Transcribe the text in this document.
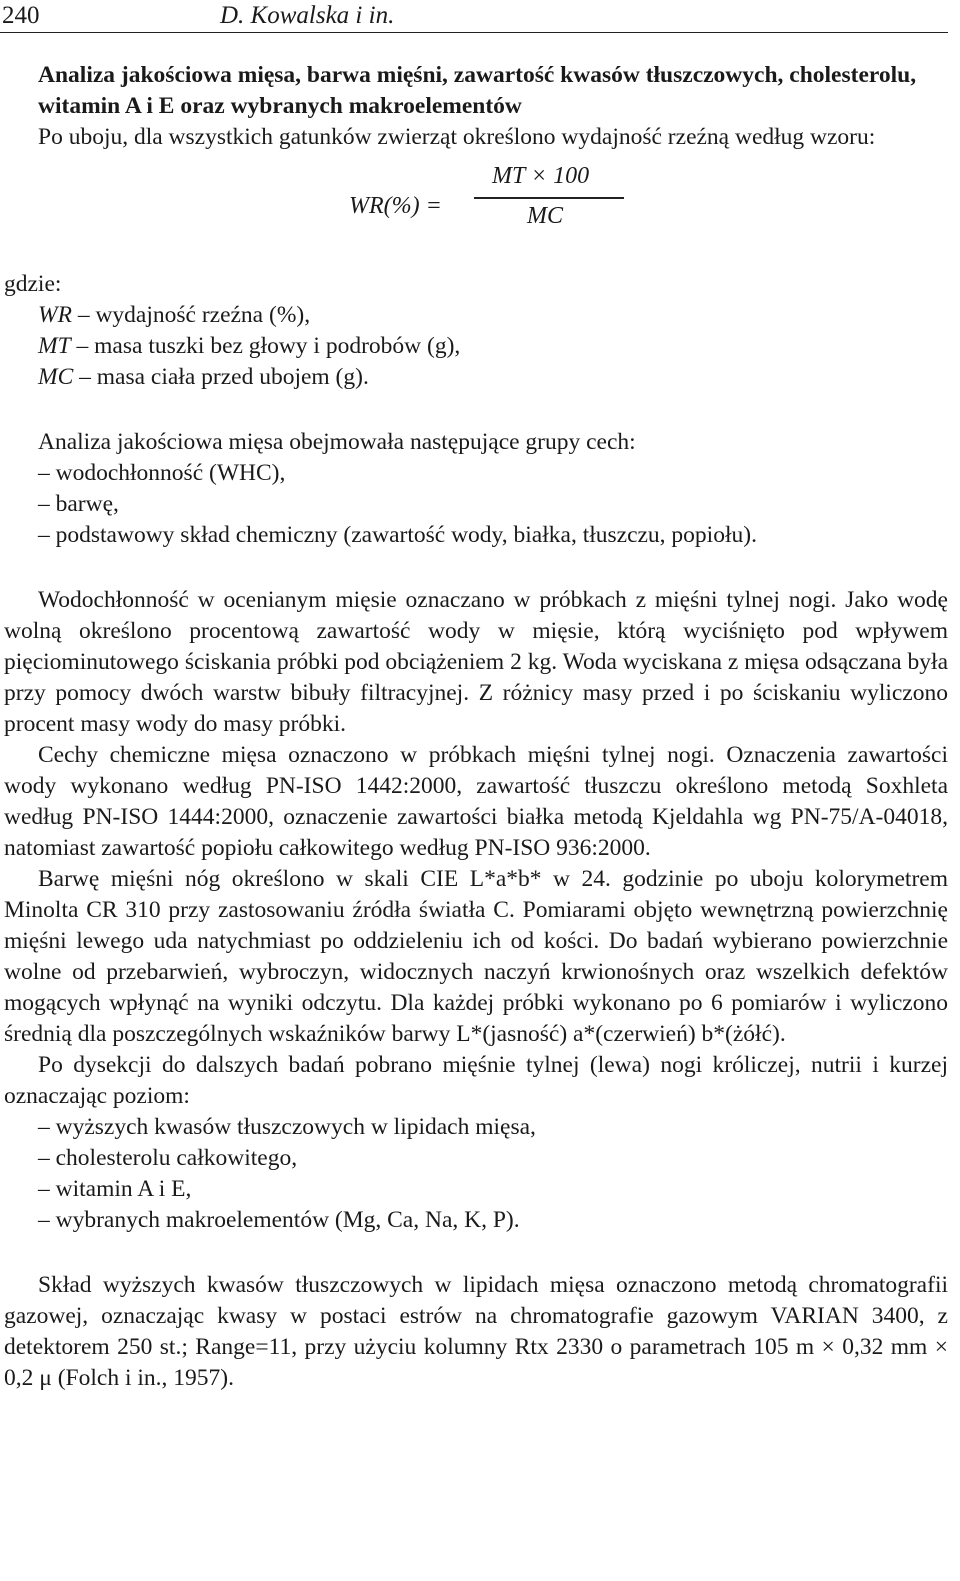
240	D. Kowalska i in.

Analiza jakościowa mięsa, barwa mięśni, zawartość kwasów tłuszczowych, cholesterolu, witamin A i E oraz wybranych makroelementów

Po uboju, dla wszystkich gatunków zwierząt określono wydajność rzeźną według wzoru:

WR(%) =
MT × 100
MC

gdzie:

WR – wydajność rzeźna (%),

MT – masa tuszki bez głowy i podrobów (g),

MC – masa ciała przed ubojem (g).

Analiza jakościowa mięsa obejmowała następujące grupy cech:

– wodochłonność (WHC),

– barwę,

– podstawowy skład chemiczny (zawartość wody, białka, tłuszczu, popiołu).

Wodochłonność w ocenianym mięsie oznaczano w próbkach z mięśni tylnej nogi. Jako wodę wolną określono procentową zawartość wody w mięsie, którą wyciśnięto pod wpływem pięciominutowego ściskania próbki pod obciążeniem 2 kg. Woda wyciskana z mięsa odsączana była przy pomocy dwóch warstw bibuły filtracyjnej. Z różnicy masy przed i po ściskaniu wyliczono procent masy wody do masy próbki.

Cechy chemiczne mięsa oznaczono w próbkach mięśni tylnej nogi. Oznaczenia zawartości wody wykonano według PN-ISO 1442:2000, zawartość tłuszczu określono metodą Soxhleta według PN-ISO 1444:2000, oznaczenie zawartości białka metodą Kjeldahla wg PN-75/A-04018, natomiast zawartość popiołu całkowitego według PN-ISO 936:2000.

Barwę mięśni nóg określono w skali CIE L*a*b* w 24. godzinie po uboju kolorymetrem Minolta CR 310 przy zastosowaniu źródła światła C. Pomiarami objęto wewnętrzną powierzchnię mięśni lewego uda natychmiast po oddzieleniu ich od kości. Do badań wybierano powierzchnie wolne od przebarwień, wybroczyn, widocznych naczyń krwionośnych oraz wszelkich defektów mogących wpłynąć na wyniki odczytu. Dla każdej próbki wykonano po 6 pomiarów i wyliczono średnią dla poszczególnych wskaźników barwy L*(jasność) a*(czerwień) b*(żółć).

Po dysekcji do dalszych badań pobrano mięśnie tylnej (lewa) nogi króliczej, nutrii i kurzej oznaczając poziom:

– wyższych kwasów tłuszczowych w lipidach mięsa,

– cholesterolu całkowitego,

– witamin A i E,

– wybranych makroelementów (Mg, Ca, Na, K, P).

Skład wyższych kwasów tłuszczowych w lipidach mięsa oznaczono metodą chromatografii gazowej, oznaczając kwasy w postaci estrów na chromatografie gazowym VARIAN 3400, z detektorem 250 st.; Range=11, przy użyciu kolumny Rtx 2330 o parametrach 105 m × 0,32 mm × 0,2 μ (Folch i in., 1957).
